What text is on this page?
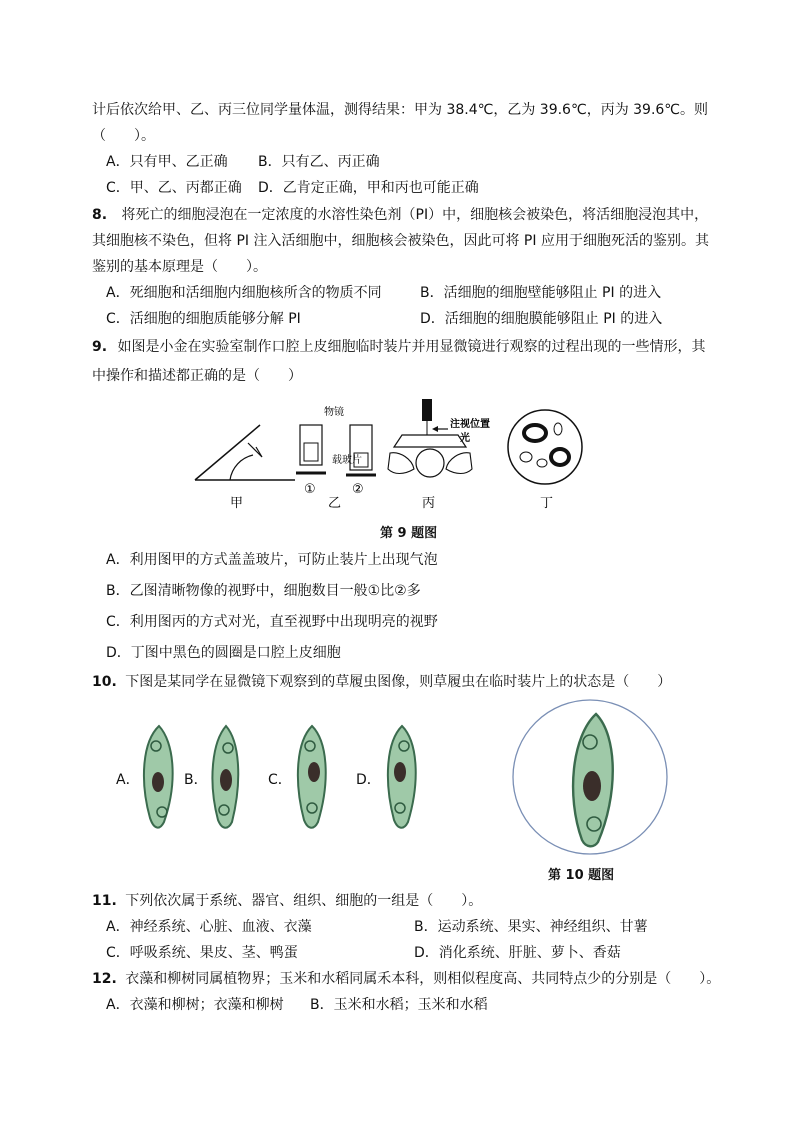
计后依次给甲、乙、丙三位同学量体温，测得结果：甲为 38.4℃，乙为 39.6℃，丙为 39.6℃。则
（　　）。
A．只有甲、乙正确 B．只有乙、丙正确
C．甲、乙、丙都正确 D．乙肯定正确，甲和丙也可能正确
8. 将死亡的细胞浸泡在一定浓度的水溶性染色剂（PI）中，细胞核会被染色，将活细胞浸泡其中，
其细胞核不染色，但将 PI 注入活细胞中，细胞核会被染色，因此可将 PI 应用于细胞死活的鉴别。其
鉴别的基本原理是（　　）。
A．死细胞和活细胞内细胞核所含的物质不同	B．活细胞的细胞壁能够阻止 PI 的进入
C．活细胞的细胞质能够分解 PI	D．活细胞的细胞膜能够阻止 PI 的进入
9. 如图是小金在实验室制作口腔上皮细胞临时装片并用显微镜进行观察的过程出现的一些情形，其
中操作和描述都正确的是（　　）
甲
物镜
载玻片
①	②
乙
注视位置
光
丙	丁
第 9 题图
A．利用图甲的方式盖盖玻片，可防止装片上出现气泡
B．乙图清晰物像的视野中，细胞数目一般①比②多
C．利用图丙的方式对光，直至视野中出现明亮的视野
D．丁图中黑色的圆圈是口腔上皮细胞
10. 下图是某同学在显微镜下观察到的草履虫图像，则草履虫在临时装片上的状态是（　　）
A．	B．	C．	D．
第 10 题图
11. 下列依次属于系统、器官、组织、细胞的一组是（　　）。
A．神经系统、心脏、血液、衣藻	B．运动系统、果实、神经组织、甘薯
C．呼吸系统、果皮、茎、鸭蛋	D．消化系统、肝脏、萝卜、香菇
12. 衣藻和柳树同属植物界；玉米和水稻同属禾本科，则相似程度高、共同特点少的分别是（　　）。
A．衣藻和柳树；衣藻和柳树 B．玉米和水稻；玉米和水稻
